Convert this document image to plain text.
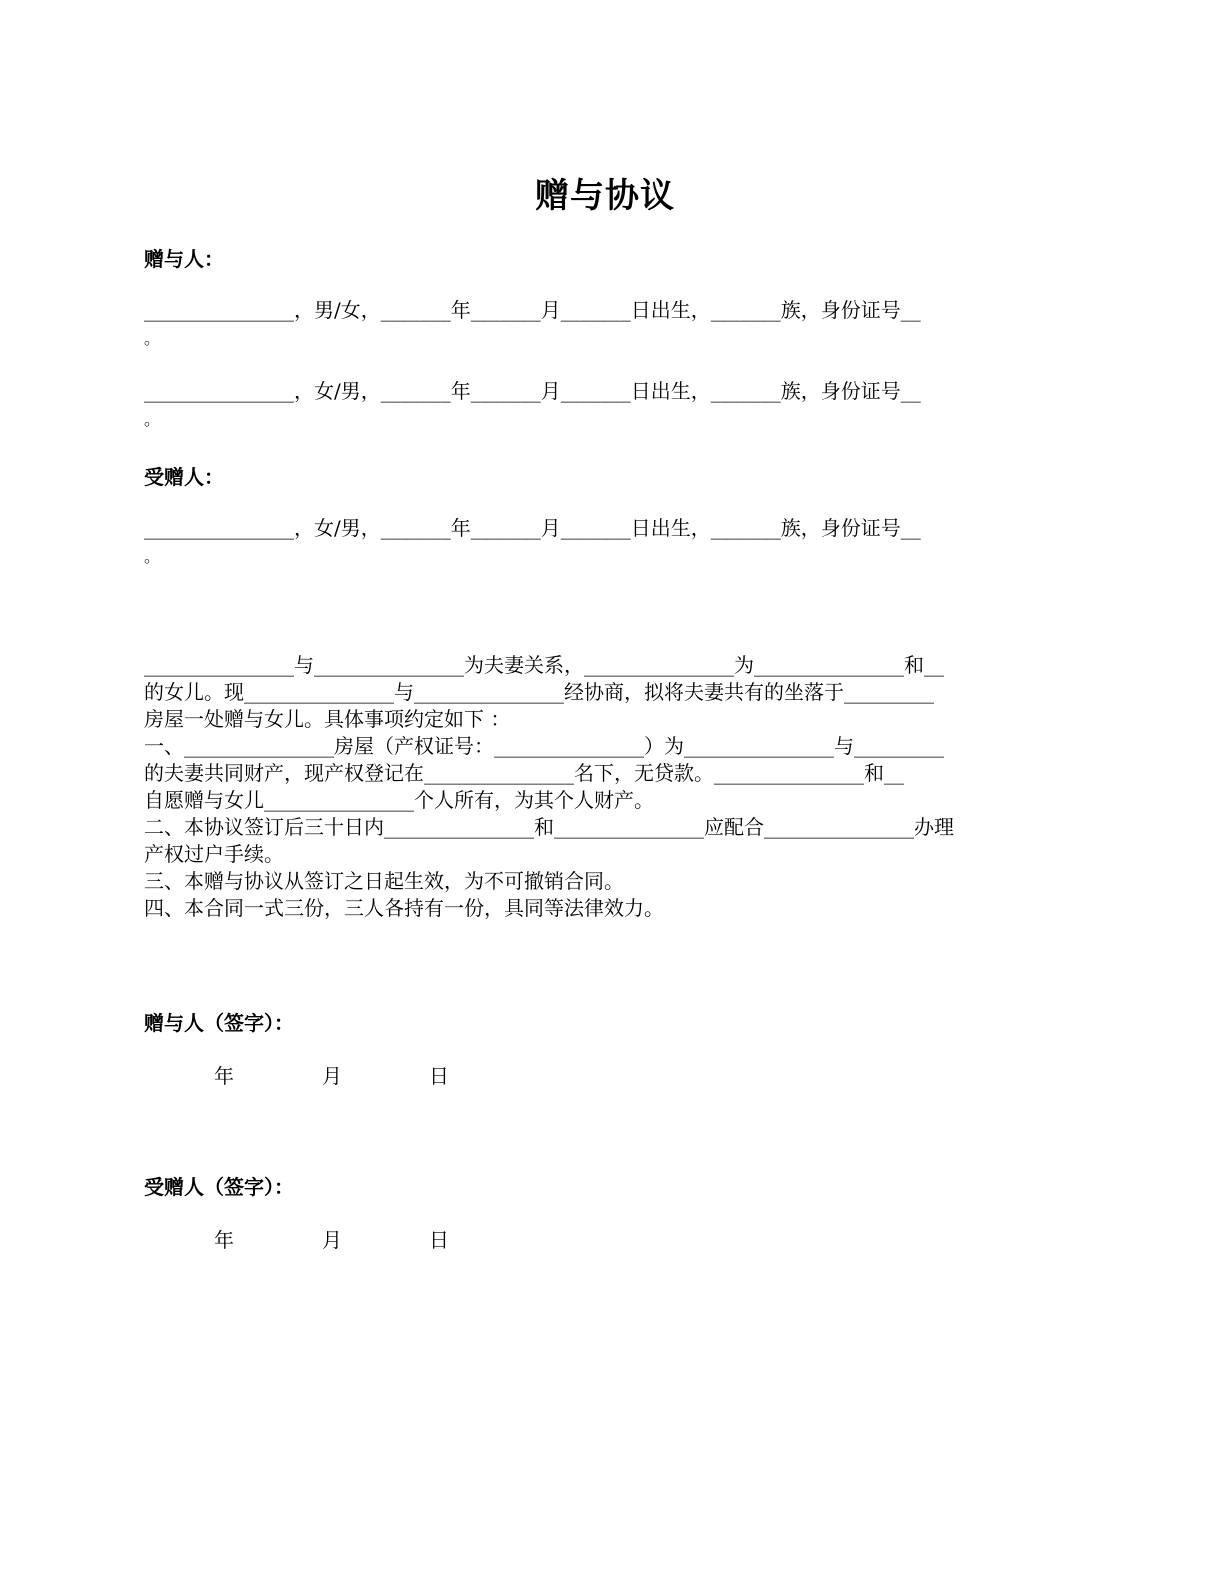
赠与协议
赠与人：
_______________，男/女，_______年_______月_______日出生，_______族，身份证号__
。
_______________，女/男，_______年_______月_______日出生，_______族，身份证号__
。
受赠人：
_______________，女/男，_______年_______月_______日出生，_______族，身份证号__
。
_______________与_______________为夫妻关系，_______________为_______________和__
的女儿。现_______________与_______________经协商，拟将夫妻共有的坐落于_________
房屋一处赠与女儿。具体事项约定如下 ：
一、_______________房屋（产权证号：_______________）为_______________与_________
的夫妻共同财产，现产权登记在_______________名下，无贷款。_______________和__
自愿赠与女儿_______________个人所有，为其个人财产。
二、本协议签订后三十日内_______________和_______________应配合_______________办理
产权过户手续。
三、本赠与协议从签订之日起生效，为不可撤销合同。
四、本合同一式三份，三人各持有一份，具同等法律效力。
赠与人（签字）：
年	月	日
受赠人（签字）：
年	月	日
